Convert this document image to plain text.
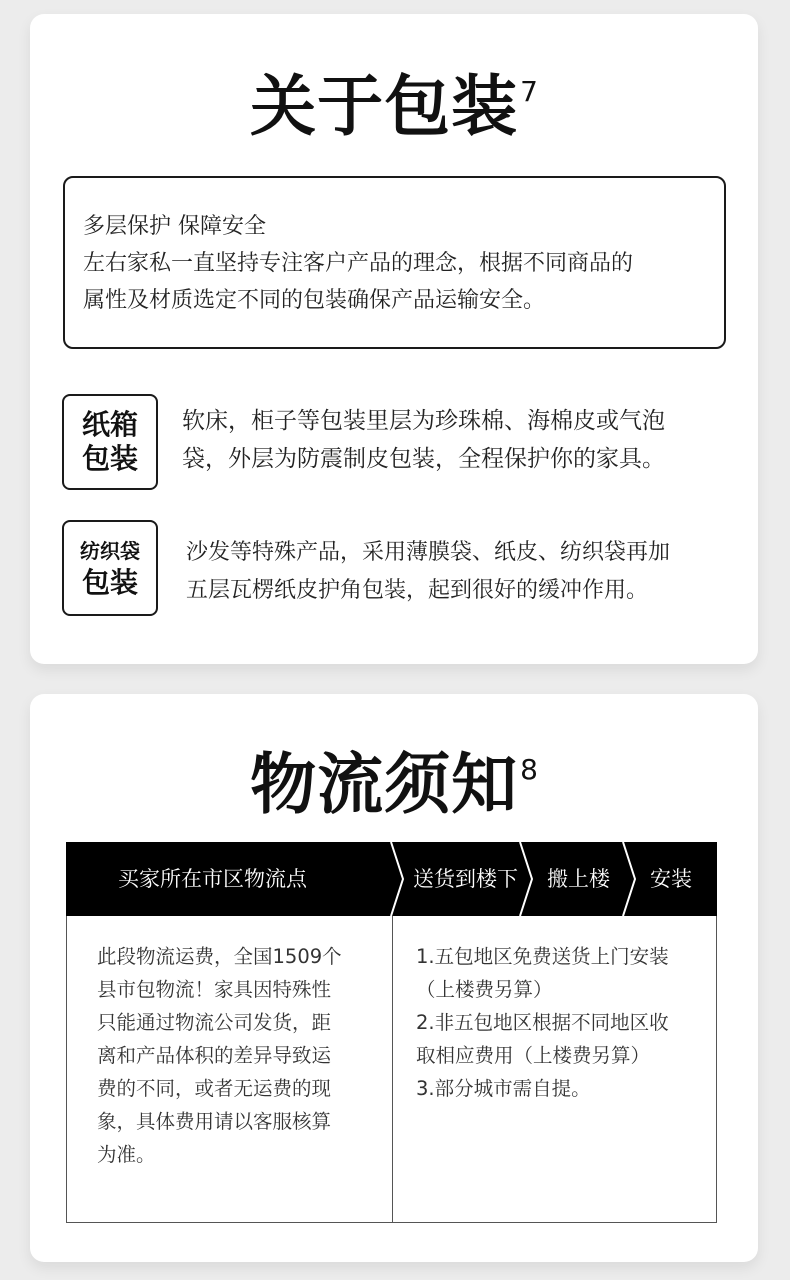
关于包装7
多层保护 保障安全
左右家私一直坚持专注客户产品的理念，根据不同商品的
属性及材质选定不同的包装确保产品运输安全。
纸箱
包装
软床，柜子等包装里层为珍珠棉、海棉皮或气泡
袋，外层为防震制皮包装，全程保护你的家具。
纺织袋
包装
沙发等特殊产品，采用薄膜袋、纸皮、纺织袋再加
五层瓦楞纸皮护角包装，起到很好的缓冲作用。
物流须知8
买家所在市区物流点	送货到楼下 搬上楼 安装
此段物流运费，全国1509个
县市包物流！家具因特殊性
只能通过物流公司发货，距
离和产品体积的差异导致运
费的不同，或者无运费的现
象，具体费用请以客服核算
为准。
1.五包地区免费送货上门安装
（上楼费另算）
2.非五包地区根据不同地区收
取相应费用（上楼费另算）
3.部分城市需自提。
